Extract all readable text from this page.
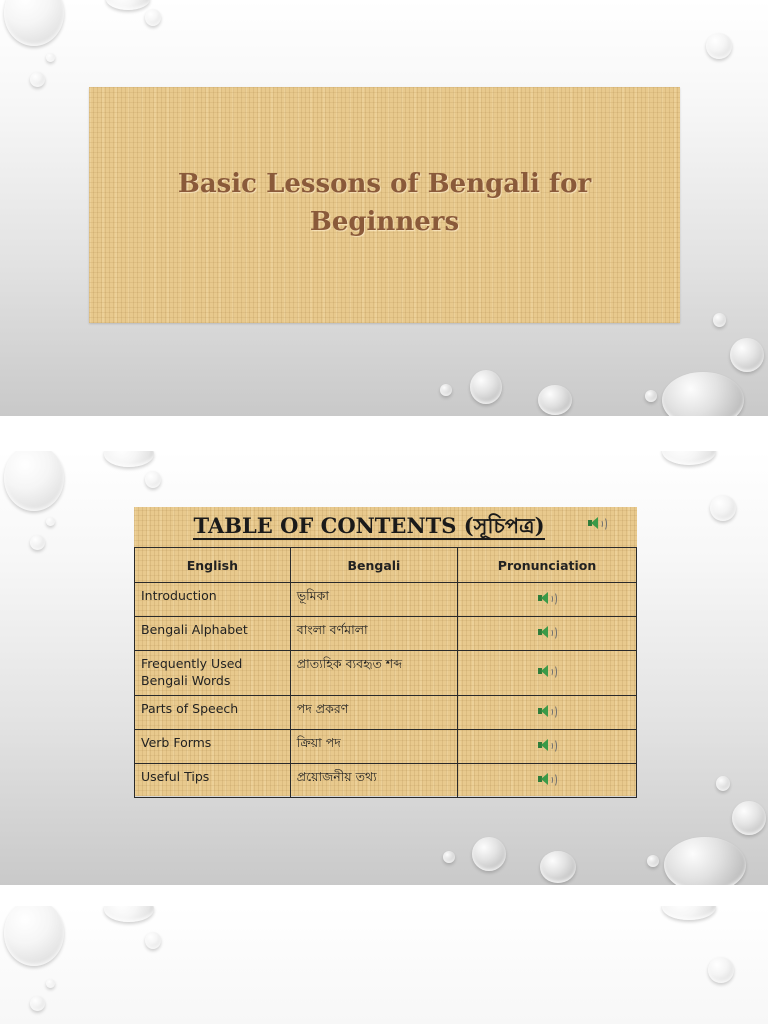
Basic Lessons of Bengali for
Beginners
TABLE OF CONTENTS (সূচিপত্র)
English	Bengali	Pronunciation
Introduction	ভূমিকা	

Bengali Alphabet	বাংলা বর্ণমালা	

Frequently Used Bengali Words	প্রাত্যহিক ব্যবহৃত শব্দ	

Parts of Speech	পদ প্রকরণ	

Verb Forms	ক্রিয়া পদ	

Useful Tips	প্রয়োজনীয় তথ্য	
